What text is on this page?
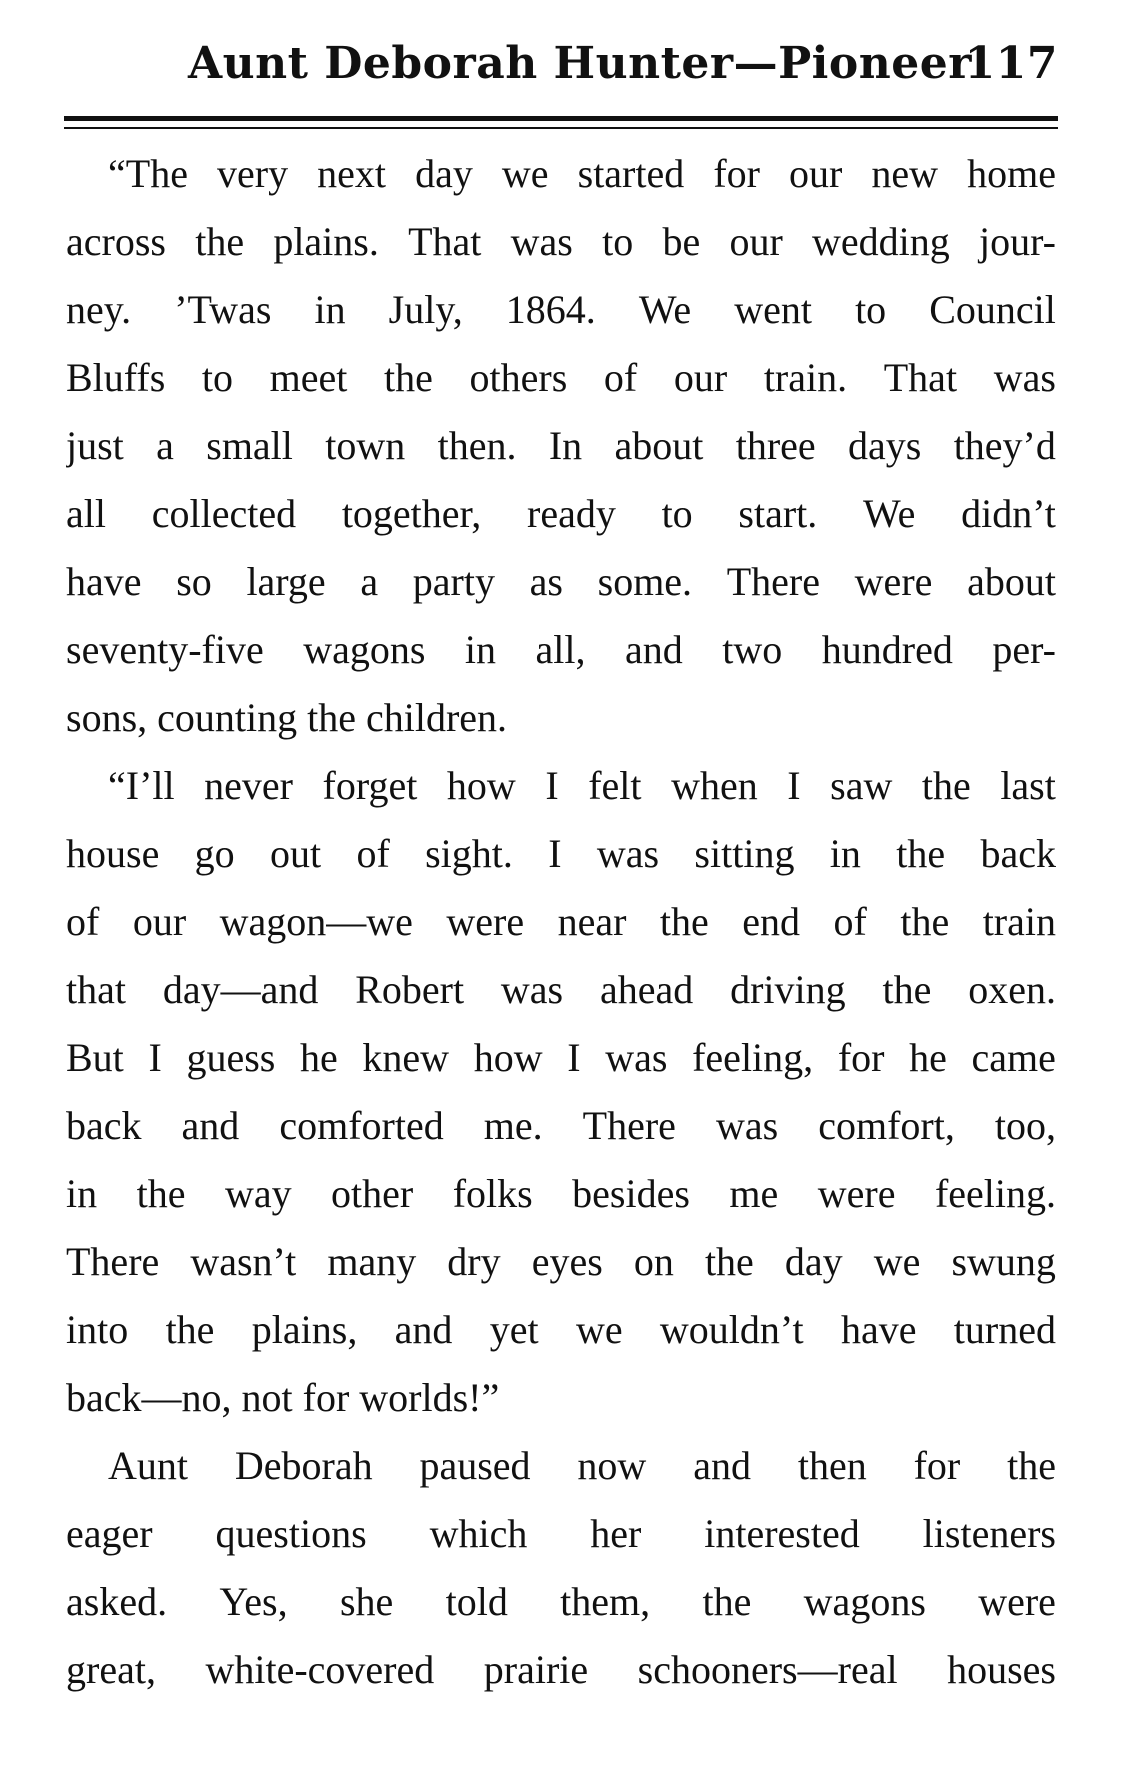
Aunt Deborah Hunter—Pioneer
117
“The very next day we started for our new home
across the plains. That was to be our wedding jour-
ney. ’Twas in July, 1864. We went to Council
Bluffs to meet the others of our train. That was
just a small town then. In about three days they’d
all collected together, ready to start. We didn’t
have so large a party as some. There were about
seventy-five wagons in all, and two hundred per-
sons, counting the children.
“I’ll never forget how I felt when I saw the last
house go out of sight. I was sitting in the back
of our wagon—we were near the end of the train
that day—and Robert was ahead driving the oxen.
But I guess he knew how I was feeling, for he came
back and comforted me. There was comfort, too,
in the way other folks besides me were feeling.
There wasn’t many dry eyes on the day we swung
into the plains, and yet we wouldn’t have turned
back—no, not for worlds!”
Aunt Deborah paused now and then for the
eager questions which her interested listeners
asked. Yes, she told them, the wagons were
great, white-covered prairie schooners—real houses
